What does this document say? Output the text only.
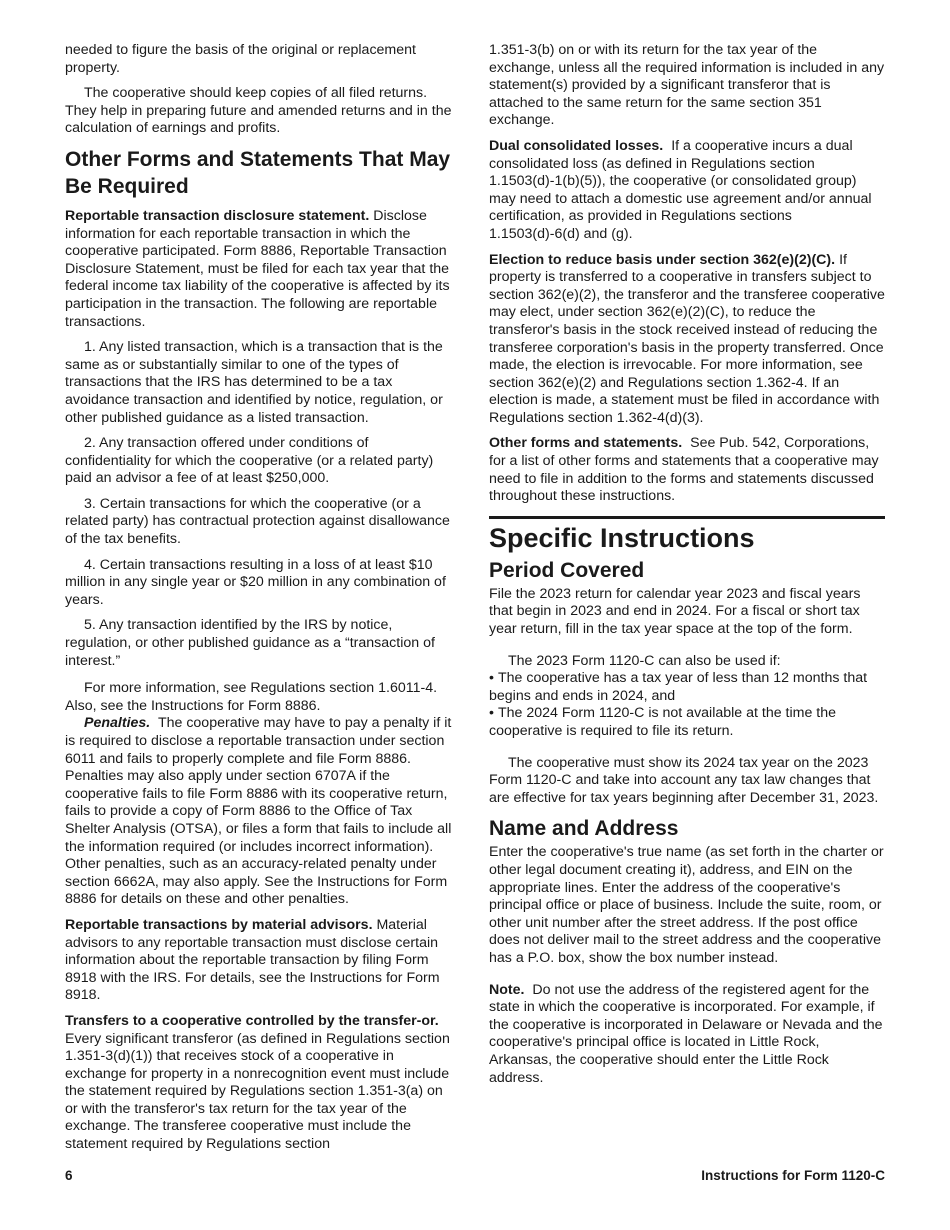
needed to figure the basis of the original or replacement property.

The cooperative should keep copies of all filed returns. They help in preparing future and amended returns and in the calculation of earnings and profits.

Other Forms and Statements That May Be Required

Reportable transaction disclosure statement. Disclose information for each reportable transaction in which the cooperative participated. Form 8886, Reportable Transaction Disclosure Statement, must be filed for each tax year that the federal income tax liability of the cooperative is affected by its participation in the transaction. The following are reportable transactions.

1. Any listed transaction, which is a transaction that is the same as or substantially similar to one of the types of transactions that the IRS has determined to be a tax avoidance transaction and identified by notice, regulation, or other published guidance as a listed transaction.

2. Any transaction offered under conditions of confidentiality for which the cooperative (or a related party) paid an advisor a fee of at least $250,000.

3. Certain transactions for which the cooperative (or a related party) has contractual protection against disallowance of the tax benefits.

4. Certain transactions resulting in a loss of at least $10 million in any single year or $20 million in any combination of years.

5. Any transaction identified by the IRS by notice, regulation, or other published guidance as a “transaction of interest.”

For more information, see Regulations section 1.6011-4. Also, see the Instructions for Form 8886.

Penalties. The cooperative may have to pay a penalty if it is required to disclose a reportable transaction under section 6011 and fails to properly complete and file Form 8886. Penalties may also apply under section 6707A if the cooperative fails to file Form 8886 with its cooperative return, fails to provide a copy of Form 8886 to the Office of Tax Shelter Analysis (OTSA), or files a form that fails to include all the information required (or includes incorrect information). Other penalties, such as an accuracy-related penalty under section 6662A, may also apply. See the Instructions for Form 8886 for details on these and other penalties.

Reportable transactions by material advisors. Material advisors to any reportable transaction must disclose certain information about the reportable transaction by filing Form 8918 with the IRS. For details, see the Instructions for Form 8918.

Transfers to a cooperative controlled by the transfer-or. Every significant transferor (as defined in Regulations section 1.351-3(d)(1)) that receives stock of a cooperative in exchange for property in a nonrecognition event must include the statement required by Regulations section 1.351-3(a) on or with the transferor's tax return for the tax year of the exchange. The transferee cooperative must include the statement required by Regulations section

1.351-3(b) on or with its return for the tax year of the exchange, unless all the required information is included in any statement(s) provided by a significant transferor that is attached to the same return for the same section 351 exchange.

Dual consolidated losses. If a cooperative incurs a dual consolidated loss (as defined in Regulations section 1.1503(d)-1(b)(5)), the cooperative (or consolidated group) may need to attach a domestic use agreement and/or annual certification, as provided in Regulations sections 1.1503(d)-6(d) and (g).

Election to reduce basis under section 362(e)(2)(C). If property is transferred to a cooperative in transfers subject to section 362(e)(2), the transferor and the transferee cooperative may elect, under section 362(e)(2)(C), to reduce the transferor's basis in the stock received instead of reducing the transferee corporation's basis in the property transferred. Once made, the election is irrevocable. For more information, see section 362(e)(2) and Regulations section 1.362-4. If an election is made, a statement must be filed in accordance with Regulations section 1.362-4(d)(3).

Other forms and statements. See Pub. 542, Corporations, for a list of other forms and statements that a cooperative may need to file in addition to the forms and statements discussed throughout these instructions.

Specific Instructions
Period Covered

File the 2023 return for calendar year 2023 and fiscal years that begin in 2023 and end in 2024. For a fiscal or short tax year return, fill in the tax year space at the top of the form.

The 2023 Form 1120-C can also be used if:

• The cooperative has a tax year of less than 12 months that begins and ends in 2024, and
• The 2024 Form 1120-C is not available at the time the cooperative is required to file its return.

The cooperative must show its 2024 tax year on the 2023 Form 1120-C and take into account any tax law changes that are effective for tax years beginning after December 31, 2023.

Name and Address

Enter the cooperative's true name (as set forth in the charter or other legal document creating it), address, and EIN on the appropriate lines. Enter the address of the cooperative's principal office or place of business. Include the suite, room, or other unit number after the street address. If the post office does not deliver mail to the street address and the cooperative has a P.O. box, show the box number instead.

Note. Do not use the address of the registered agent for the state in which the cooperative is incorporated. For example, if the cooperative is incorporated in Delaware or Nevada and the cooperative's principal office is located in Little Rock, Arkansas, the cooperative should enter the Little Rock address.

6	Instructions for Form 1120-C
